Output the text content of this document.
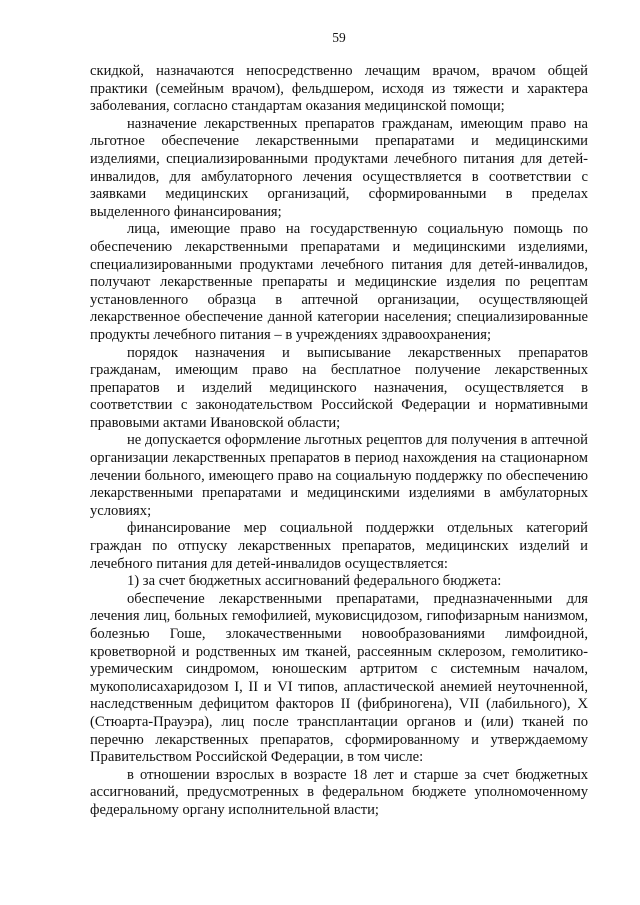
59

скидкой, назначаются непосредственно лечащим врачом, врачом общей практики (семейным врачом), фельдшером, исходя из тяжести и характера заболевания, согласно стандартам оказания медицинской помощи;

назначение лекарственных препаратов гражданам, имеющим право на льготное обеспечение лекарственными препаратами и медицинскими изделиями, специализированными продуктами лечебного питания для детей-инвалидов, для амбулаторного лечения осуществляется в соответствии с заявками медицинских организаций, сформированными в пределах выделенного финансирования;

лица, имеющие право на государственную социальную помощь по обеспечению лекарственными препаратами и медицинскими изделиями, специализированными продуктами лечебного питания для детей-инвалидов, получают лекарственные препараты и медицинские изделия по рецептам установленного образца в аптечной организации, осуществляющей лекарственное обеспечение данной категории населения; специализированные продукты лечебного питания – в учреждениях здравоохранения;

порядок назначения и выписывание лекарственных препаратов гражданам, имеющим право на бесплатное получение лекарственных препаратов и изделий медицинского назначения, осуществляется в соответствии с законодательством Российской Федерации и нормативными правовыми актами Ивановской области;

не допускается оформление льготных рецептов для получения в аптечной организации лекарственных препаратов в период нахождения на стационарном лечении больного, имеющего право на социальную поддержку по обеспечению лекарственными препаратами и медицинскими изделиями в амбулаторных условиях;

финансирование мер социальной поддержки отдельных категорий граждан по отпуску лекарственных препаратов, медицинских изделий и лечебного питания для детей-инвалидов осуществляется:

1) за счет бюджетных ассигнований федерального бюджета:

обеспечение лекарственными препаратами, предназначенными для лечения лиц, больных гемофилией, муковисцидозом, гипофизарным нанизмом, болезнью Гоше, злокачественными новообразованиями лимфоидной, кроветворной и родственных им тканей, рассеянным склерозом, гемолитико-уремическим синдромом, юношеским артритом с системным началом, мукополисахаридозом I, II и VI типов, апластической анемией неуточненной, наследственным дефицитом факторов II (фибриногена), VII (лабильного), X (Стюарта-Прауэра), лиц после трансплантации органов и (или) тканей по перечню лекарственных препаратов, сформированному и утверждаемому Правительством Российской Федерации, в том числе:

в отношении взрослых в возрасте 18 лет и старше за счет бюджетных ассигнований, предусмотренных в федеральном бюджете уполномоченному федеральному органу исполнительной власти;
